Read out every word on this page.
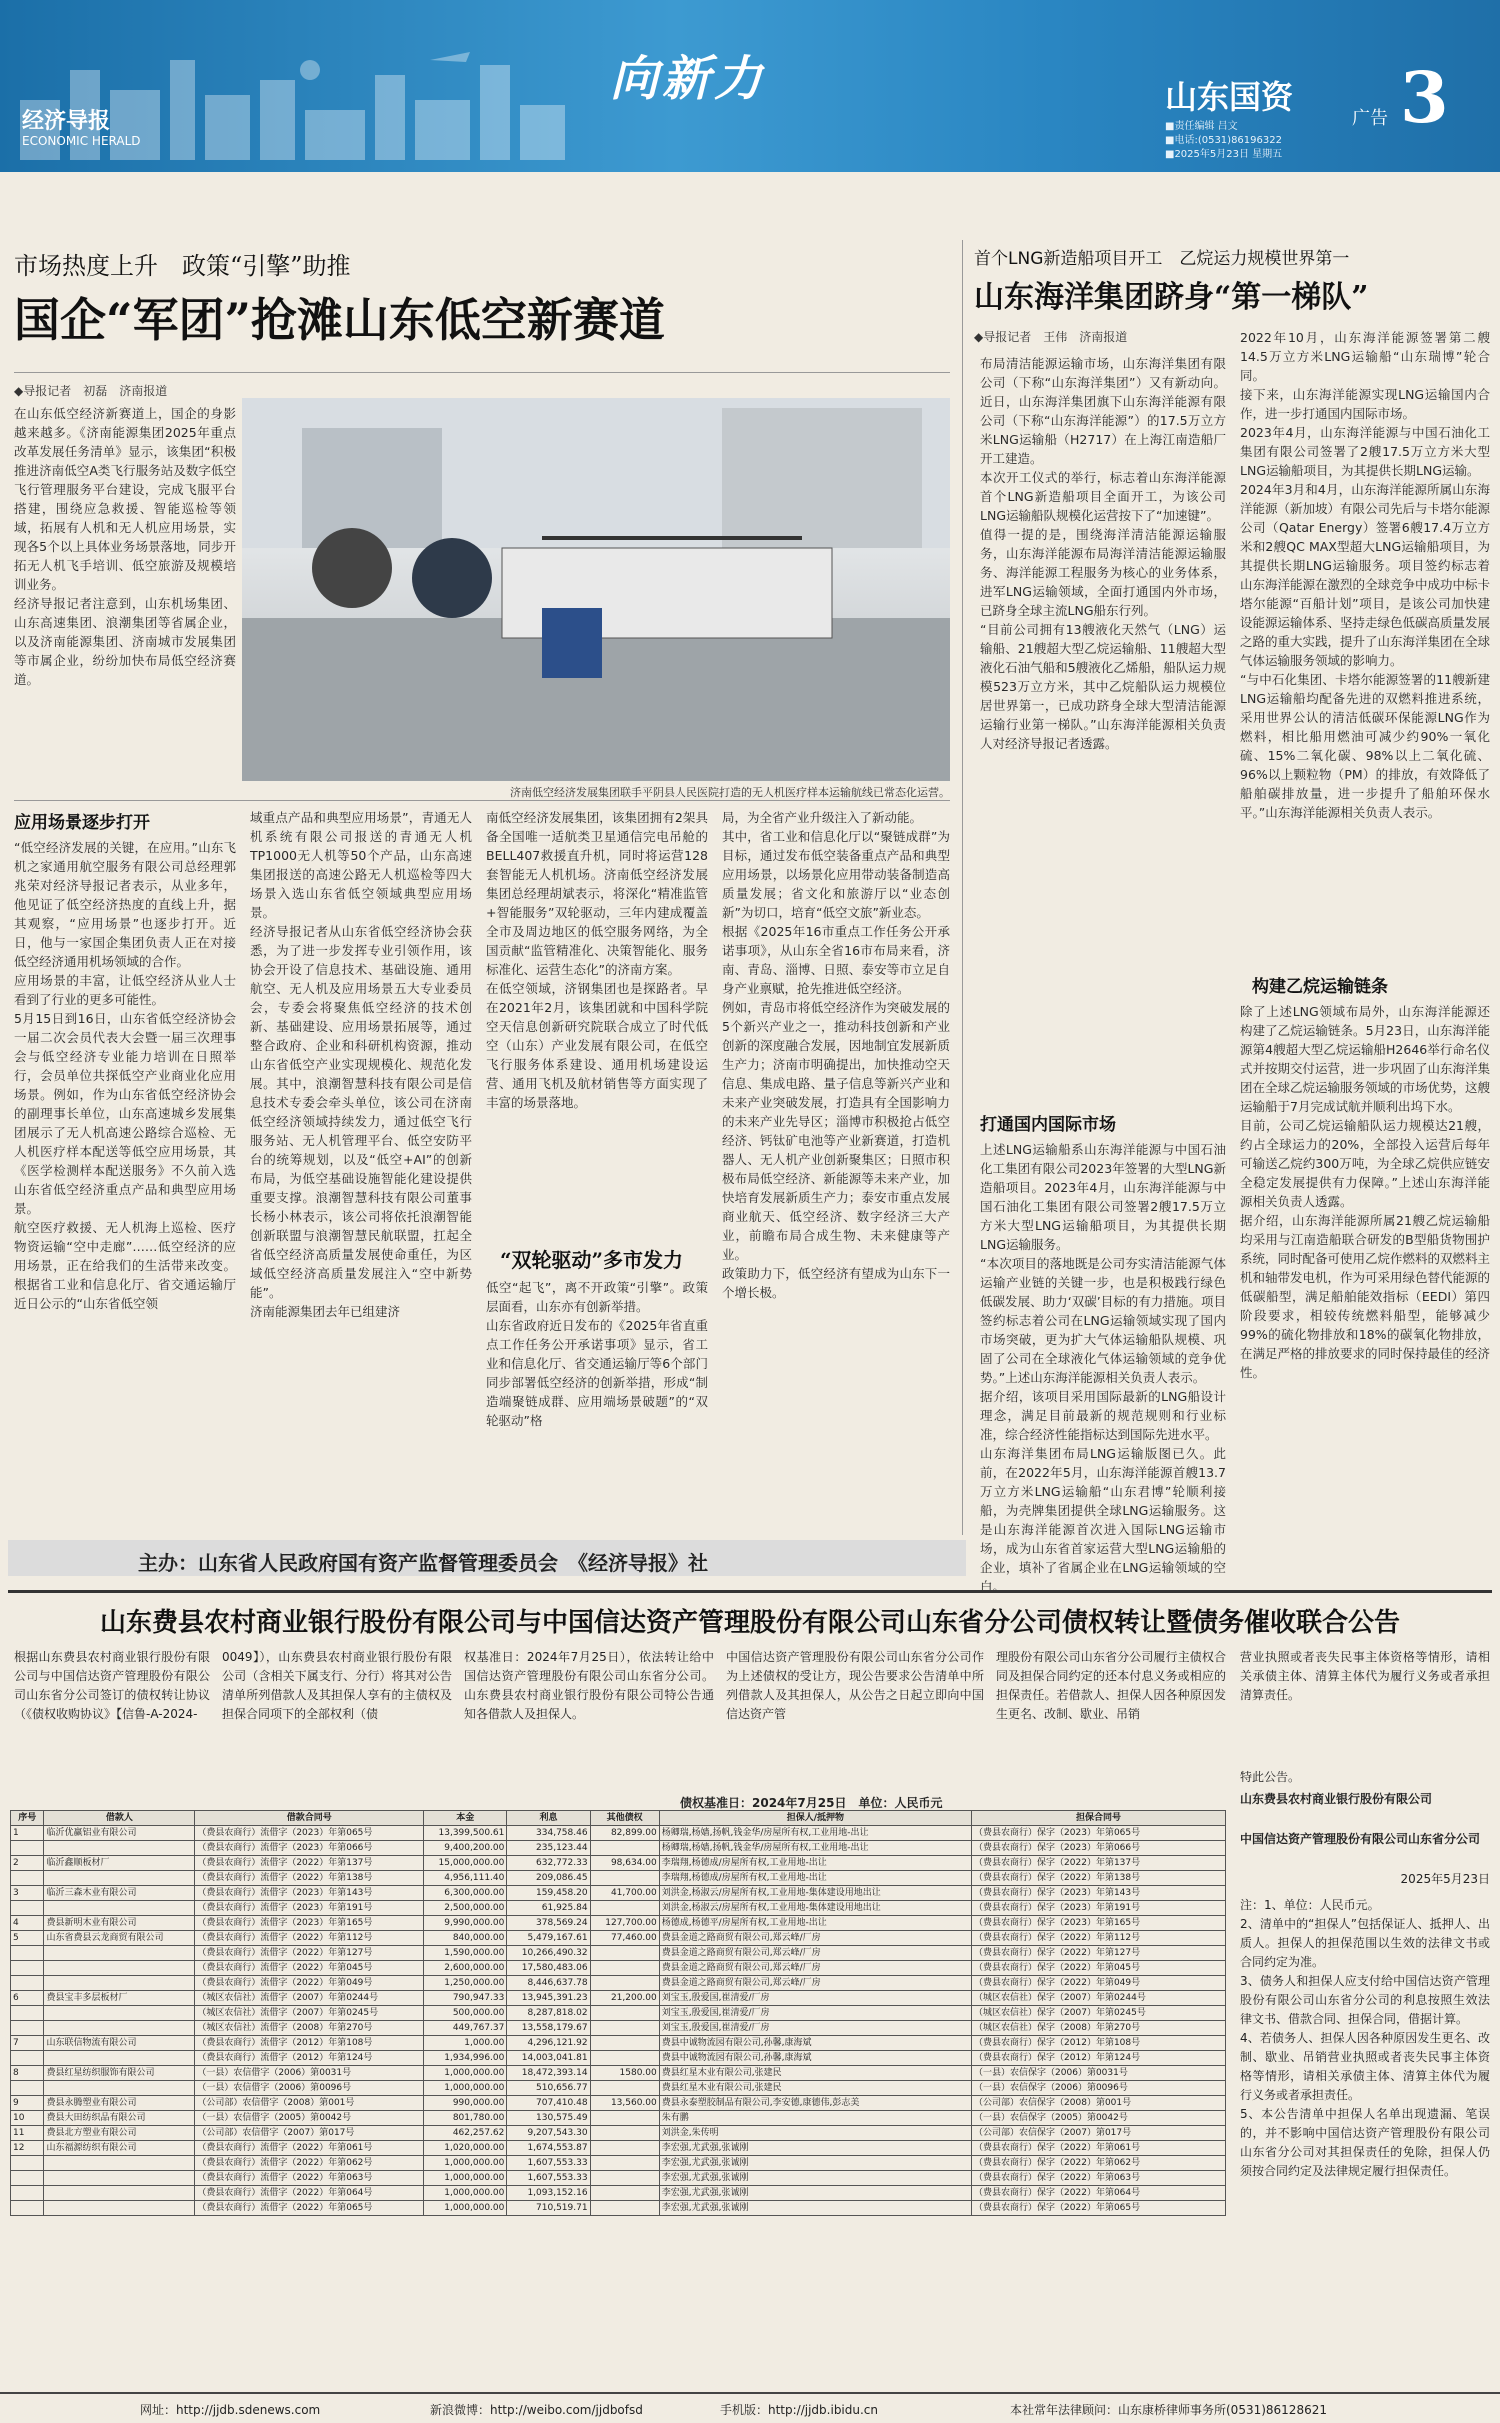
经济导报
ECONOMIC HERALD
向新力	山东国资
广告 3
■责任编辑 吕文
■电话:(0531)86196322
■2025年5月23日 星期五
市场热度上升　政策“引擎”助推
国企“军团”抢滩山东低空新赛道
◆导报记者　初磊　济南报道
在山东低空经济新赛道上，国企的身影越来越多。《济南能源集团2025年重点改革发展任务清单》显示，该集团“积极推进济南低空A类飞行服务站及数字低空飞行管理服务平台建设，完成飞服平台搭建，围绕应急救援、智能巡检等领域，拓展有人机和无人机应用场景，实现各5个以上具体业务场景落地，同步开拓无人机飞手培训、低空旅游及规模培训业务。
经济导报记者注意到，山东机场集团、山东高速集团、浪潮集团等省属企业，以及济南能源集团、济南城市发展集团等市属企业，纷纷加快布局低空经济赛道。
济南低空经济发展集团联手平阴县人民医院打造的无人机医疗样本运输航线已常态化运营。
应用场景逐步打开
“低空经济发展的关键，在应用。”山东飞机之家通用航空服务有限公司总经理郭兆荣对经济导报记者表示，从业多年，他见证了低空经济热度的直线上升，据其观察，“应用场景”也逐步打开。近日，他与一家国企集团负责人正在对接低空经济通用机场领域的合作。
应用场景的丰富，让低空经济从业人士看到了行业的更多可能性。
5月15日到16日，山东省低空经济协会一届二次会员代表大会暨一届三次理事会与低空经济专业能力培训在日照举行，会员单位共探低空产业商业化应用场景。例如，作为山东省低空经济协会的副理事长单位，山东高速城乡发展集团展示了无人机高速公路综合巡检、无人机医疗样本配送等低空应用场景，其《医学检测样本配送服务》不久前入选山东省低空经济重点产品和典型应用场景。
航空医疗救援、无人机海上巡检、医疗物资运输“空中走廊”……低空经济的应用场景，正在给我们的生活带来改变。根据省工业和信息化厅、省交通运输厅近日公示的“山东省低空领
域重点产品和典型应用场景”，青通无人机系统有限公司报送的青通无人机TP1000无人机等50个产品，山东高速集团报送的高速公路无人机巡检等四大场景入选山东省低空领域典型应用场景。
经济导报记者从山东省低空经济协会获悉，为了进一步发挥专业引领作用，该协会开设了信息技术、基础设施、通用航空、无人机及应用场景五大专业委员会，专委会将聚焦低空经济的技术创新、基础建设、应用场景拓展等，通过整合政府、企业和科研机构资源，推动山东省低空产业实现规模化、规范化发展。其中，浪潮智慧科技有限公司是信息技术专委会牵头单位，该公司在济南低空经济领域持续发力，通过低空飞行服务站、无人机管理平台、低空安防平台的统筹规划，以及“低空+AI”的创新布局，为低空基础设施智能化建设提供重要支撑。浪潮智慧科技有限公司董事长杨小林表示，该公司将依托浪潮智能创新联盟与浪潮智慧民航联盟，扛起全省低空经济高质量发展使命重任，为区域低空经济高质量发展注入“空中新势能”。
济南能源集团去年已组建济
南低空经济发展集团，该集团拥有2架具备全国唯一适航类卫星通信完电吊舱的BELL407救援直升机，同时将运营128套智能无人机机场。济南低空经济发展集团总经理胡斌表示，将深化“精准监管+智能服务”双轮驱动，三年内建成覆盖全市及周边地区的低空服务网络，为全国贡献“监管精准化、决策智能化、服务标准化、运营生态化”的济南方案。
在低空领域，济钢集团也是探路者。早在2021年2月，该集团就和中国科学院空天信息创新研究院联合成立了时代低空（山东）产业发展有限公司，在低空飞行服务体系建设、通用机场建设运营、通用飞机及航材销售等方面实现了丰富的场景落地。
“双轮驱动”多市发力
低空“起飞”，离不开政策“引擎”。政策层面看，山东亦有创新举措。
山东省政府近日发布的《2025年省直重点工作任务公开承诺事项》显示，省工业和信息化厅、省交通运输厅等6个部门同步部署低空经济的创新举措，形成“制造端聚链成群、应用端场景破题”的“双轮驱动”格
局，为全省产业升级注入了新动能。
其中，省工业和信息化厅以“聚链成群”为目标，通过发布低空装备重点产品和典型应用场景，以场景化应用带动装备制造高质量发展；省文化和旅游厅以“业态创新”为切口，培育“低空文旅”新业态。
根据《2025年16市重点工作任务公开承诺事项》，从山东全省16市布局来看，济南、青岛、淄博、日照、泰安等市立足自身产业禀赋，抢先推进低空经济。
例如，青岛市将低空经济作为突破发展的5个新兴产业之一，推动科技创新和产业创新的深度融合发展，因地制宜发展新质生产力；济南市明确提出，加快推动空天信息、集成电路、量子信息等新兴产业和未来产业突破发展，打造具有全国影响力的未来产业先导区；淄博市积极抢占低空经济、钙钛矿电池等产业新赛道，打造机器人、无人机产业创新聚集区；日照市积极布局低空经济、新能源等未来产业，加快培育发展新质生产力；泰安市重点发展商业航天、低空经济、数字经济三大产业，前瞻布局合成生物、未来健康等产业。
政策助力下，低空经济有望成为山东下一个增长极。
首个LNG新造船项目开工　乙烷运力规模世界第一
山东海洋集团跻身“第一梯队”
◆导报记者　王伟　济南报道
布局清洁能源运输市场，山东海洋集团有限公司（下称“山东海洋集团”）又有新动向。近日，山东海洋集团旗下山东海洋能源有限公司（下称“山东海洋能源”）的17.5万立方米LNG运输船（H2717）在上海江南造船厂开工建造。
本次开工仪式的举行，标志着山东海洋能源首个LNG新造船项目全面开工，为该公司LNG运输船队规模化运营按下了“加速键”。
值得一提的是，围绕海洋清洁能源运输服务，山东海洋能源布局海洋清洁能源运输服务、海洋能源工程服务为核心的业务体系，进军LNG运输领域，全面打通国内外市场，已跻身全球主流LNG船东行列。
“目前公司拥有13艘液化天然气（LNG）运输船、21艘超大型乙烷运输船、11艘超大型液化石油气船和5艘液化乙烯船，船队运力规模523万立方米，其中乙烷船队运力规模位居世界第一，已成功跻身全球大型清洁能源运输行业第一梯队。”山东海洋能源相关负责人对经济导报记者透露。
打通国内国际市场
上述LNG运输船系山东海洋能源与中国石油化工集团有限公司2023年签署的大型LNG新造船项目。2023年4月，山东海洋能源与中国石油化工集团有限公司签署2艘17.5万立方米大型LNG运输船项目，为其提供长期LNG运输服务。
“本次项目的落地既是公司夯实清洁能源气体运输产业链的关键一步，也是积极践行绿色低碳发展、助力‘双碳’目标的有力措施。项目签约标志着公司在LNG运输领域实现了国内市场突破，更为扩大气体运输船队规模、巩固了公司在全球液化气体运输领域的竞争优势。”上述山东海洋能源相关负责人表示。
据介绍，该项目采用国际最新的LNG船设计理念，满足目前最新的规范规则和行业标准，综合经济性能指标达到国际先进水平。
山东海洋集团布局LNG运输版图已久。此前，在2022年5月，山东海洋能源首艘13.7万立方米LNG运输船“山东君博”轮顺利接船，为壳牌集团提供全球LNG运输服务。这是山东海洋能源首次进入国际LNG运输市场，成为山东省首家运营大型LNG运输船的企业，填补了省属企业在LNG运输领域的空白。
2022年10月，山东海洋能源签署第二艘14.5万立方米LNG运输船“山东瑞博”轮合同。
接下来，山东海洋能源实现LNG运输国内合作，进一步打通国内国际市场。
2023年4月，山东海洋能源与中国石油化工集团有限公司签署了2艘17.5万立方米大型LNG运输船项目，为其提供长期LNG运输。
2024年3月和4月，山东海洋能源所属山东海洋能源（新加坡）有限公司先后与卡塔尔能源公司（Qatar Energy）签署6艘17.4万立方米和2艘QC MAX型超大LNG运输船项目，为其提供长期LNG运输服务。项目签约标志着山东海洋能源在激烈的全球竞争中成功中标卡塔尔能源“百船计划”项目，是该公司加快建设能源运输体系、坚持走绿色低碳高质量发展之路的重大实践，提升了山东海洋集团在全球气体运输服务领域的影响力。
“与中石化集团、卡塔尔能源签署的11艘新建LNG运输船均配备先进的双燃料推进系统，采用世界公认的清洁低碳环保能源LNG作为燃料，相比船用燃油可减少约90%一氧化硫、15%二氧化碳、98%以上二氧化硫、96%以上颗粒物（PM）的排放，有效降低了船舶碳排放量，进一步提升了船舶环保水平。”山东海洋能源相关负责人表示。
构建乙烷运输链条
除了上述LNG领域布局外，山东海洋能源还构建了乙烷运输链条。5月23日，山东海洋能源第4艘超大型乙烷运输船H2646举行命名仪式并按期交付运营，进一步巩固了山东海洋集团在全球乙烷运输服务领域的市场优势，这艘运输船于7月完成试航并顺利出坞下水。
目前，公司乙烷运输船队运力规模达21艘，约占全球运力的20%，全部投入运营后每年可输送乙烷约300万吨，为全球乙烷供应链安全稳定发展提供有力保障。”上述山东海洋能源相关负责人透露。
据介绍，山东海洋能源所属21艘乙烷运输船均采用与江南造船联合研发的B型船货物围护系统，同时配备可使用乙烷作燃料的双燃料主机和轴带发电机，作为可采用绿色替代能源的低碳船型，满足船舶能效指标（EEDI）第四阶段要求，相较传统燃料船型，能够减少99%的硫化物排放和18%的碳氧化物排放，在满足严格的排放要求的同时保持最佳的经济性。
主办：山东省人民政府国有资产监督管理委员会　《经济导报》社
山东费县农村商业银行股份有限公司与中国信达资产管理股份有限公司山东省分公司债权转让暨债务催收联合公告
根据山东费县农村商业银行股份有限公司与中国信达资产管理股份有限公司山东省分公司签订的债权转让协议（《债权收购协议》【信鲁-A-2024-
0049】），山东费县农村商业银行股份有限公司（含相关下属支行、分行）将其对公告清单所列借款人及其担保人享有的主债权及担保合同项下的全部权利（债
权基准日：2024年7月25日），依法转让给中国信达资产管理股份有限公司山东省分公司。山东费县农村商业银行股份有限公司特公告通知各借款人及担保人。
中国信达资产管理股份有限公司山东省分公司作为上述债权的受让方，现公告要求公告清单中所列借款人及其担保人，从公告之日起立即向中国信达资产管
理股份有限公司山东省分公司履行主债权合同及担保合同约定的还本付息义务或相应的担保责任。若借款人、担保人因各种原因发生更名、改制、歇业、吊销
营业执照或者丧失民事主体资格等情形，请相关承债主体、清算主体代为履行义务或者承担清算责任。
特此公告。
山东费县农村商业银行股份有限公司
中国信达资产管理股份有限公司山东省分公司
2025年5月23日
债权基准日：2024年7月25日　单位：人民币元
序号	借款人	借款合同号	本金	利息	其他债权	担保人/抵押物	担保合同号
1	临沂优赢铝业有限公司	（费县农商行）流借字（2023）年第065号	13,399,500.61	334,758.46	82,899.00	杨卿瑞,杨嫱,扬帆,钱金华/房屋所有权,工业用地-出让	（费县农商行）保字（2023）年第065号
		（费县农商行）流借字（2023）年第066号	9,400,200.00	235,123.44		杨卿瑞,杨嫱,扬帆,钱金华/房屋所有权,工业用地-出让	（费县农商行）保字（2023）年第066号
2	临沂鑫顺板材厂	（费县农商行）流借字（2022）年第137号	15,000,000.00	632,772.33	98,634.00	李瑞翔,杨德成/房屋所有权,工业用地-出让	（费县农商行）保字（2022）年第137号
		（费县农商行）流借字（2022）年第138号	4,956,111.40	209,086.45		李瑞翔,杨德成/房屋所有权,工业用地-出让	（费县农商行）保字（2022）年第138号
3	临沂三森木业有限公司	（费县农商行）流借字（2023）年第143号	6,300,000.00	159,458.20	41,700.00	刘洪金,杨淑云/房屋所有权,工业用地-集体建设用地出让	（费县农商行）保字（2023）年第143号
		（费县农商行）流借字（2023）年第191号	2,500,000.00	61,925.84		刘洪金,杨淑云/房屋所有权,工业用地-集体建设用地出让	（费县农商行）保字（2023）年第191号
4	费县新明木业有限公司	（费县农商行）流借字（2023）年第165号	9,990,000.00	378,569.24	127,700.00	杨德成,杨德平/房屋所有权,工业用地-出让	（费县农商行）保字（2023）年第165号
5	山东省费县云龙商贸有限公司	（费县农商行）流借字（2022）年第112号	840,000.00	5,479,167.61	77,460.00	费县金道之路商贸有限公司,郑云峰/厂房	（费县农商行）保字（2022）年第112号
		（费县农商行）流借字（2022）年第127号	1,590,000.00	10,266,490.32		费县金道之路商贸有限公司,郑云峰/厂房	（费县农商行）保字（2022）年第127号
		（费县农商行）流借字（2022）年第045号	2,600,000.00	17,580,483.06		费县金道之路商贸有限公司,郑云峰/厂房	（费县农商行）保字（2022）年第045号
		（费县农商行）流借字（2022）年第049号	1,250,000.00	8,446,637.78		费县金道之路商贸有限公司,郑云峰/厂房	（费县农商行）保字（2022）年第049号
6	费县宝丰多层板材厂	（城区农信社）流借字（2007）年第0244号	790,947.33	13,945,391.23	21,200.00	刘宝玉,殷爱国,崔清爱/厂房	（城区农信社）保字（2007）年第0244号
		（城区农信社）流借字（2007）年第0245号	500,000.00	8,287,818.02		刘宝玉,殷爱国,崔清爱/厂房	（城区农信社）保字（2007）年第0245号
		（城区农信社）流借字（2008）年第270号	449,767.37	13,558,179.67		刘宝玉,殷爱国,崔清爱/厂房	（城区农信社）保字（2008）年第270号
7	山东联信物流有限公司	（费县农商行）流借字（2012）年第108号	1,000.00	4,296,121.92		费县中诚物流园有限公司,孙馨,康海斌	（费县农商行）保字（2012）年第108号
		（费县农商行）流借字（2012）年第124号	1,934,996.00	14,003,041.81		费县中诚物流园有限公司,孙馨,康海斌	（费县农商行）保字（2012）年第124号
8	费县红星纺织服饰有限公司	（一县）农信借字（2006）第0031号	1,000,000.00	18,472,393.14	1580.00	费县红星木业有限公司,张建民	（一县）农信保字（2006）第0031号
		（一县）农信借字（2006）第0096号	1,000,000.00	510,656.77		费县红星木业有限公司,张建民	（一县）农信保字（2006）第0096号
9	费县永腾塑业有限公司	（公司部）农信借字（2008）第001号	990,000.00	707,410.48	13,560.00	费县永泰塑胶制品有限公司,李安德,康德伟,彭志美	（公司部）农信保字（2008）第001号
10	费县大田纺织品有限公司	（一县）农信借字（2005）第0042号	801,780.00	130,575.49		朱有鹏	（一县）农信保字（2005）第0042号
11	费县北方塑业有限公司	（公司部）农信借字（2007）第017号	462,257.62	9,207,543.30		刘洪金,朱传明	（公司部）农信保字（2007）第017号
12	山东福源纺织有限公司	（费县农商行）流借字（2022）年第061号	1,020,000.00	1,674,553.87		李宏强,尤武强,张诚刚	（费县农商行）保字（2022）年第061号
		（费县农商行）流借字（2022）年第062号	1,000,000.00	1,607,553.33		李宏强,尤武强,张诚刚	（费县农商行）保字（2022）年第062号
		（费县农商行）流借字（2022）年第063号	1,000,000.00	1,607,553.33		李宏强,尤武强,张诚刚	（费县农商行）保字（2022）年第063号
		（费县农商行）流借字（2022）年第064号	1,000,000.00	1,093,152.16		李宏强,尤武强,张诚刚	（费县农商行）保字（2022）年第064号
		（费县农商行）流借字（2022）年第065号	1,000,000.00	710,519.71		李宏强,尤武强,张诚刚	（费县农商行）保字（2022）年第065号
注：1、单位：人民币元。
2、清单中的“担保人”包括保证人、抵押人、出质人。担保人的担保范围以生效的法律文书或合同约定为准。
3、债务人和担保人应支付给中国信达资产管理股份有限公司山东省分公司的利息按照生效法律文书、借款合同、担保合同，借据计算。
4、若债务人、担保人因各种原因发生更名、改制、歇业、吊销营业执照或者丧失民事主体资格等情形，请相关承债主体、清算主体代为履行义务或者承担责任。
5、本公告清单中担保人名单出现遗漏、笔误的，并不影响中国信达资产管理股份有限公司山东省分公司对其担保责任的免除，担保人仍须按合同约定及法律规定履行担保责任。
网址：http://jjdb.sdenews.com	新浪微博：http://weibo.com/jjdbofsd	手机版：http://jjdb.ibidu.cn	本社常年法律顾问：山东康桥律师事务所(0531)86128621
